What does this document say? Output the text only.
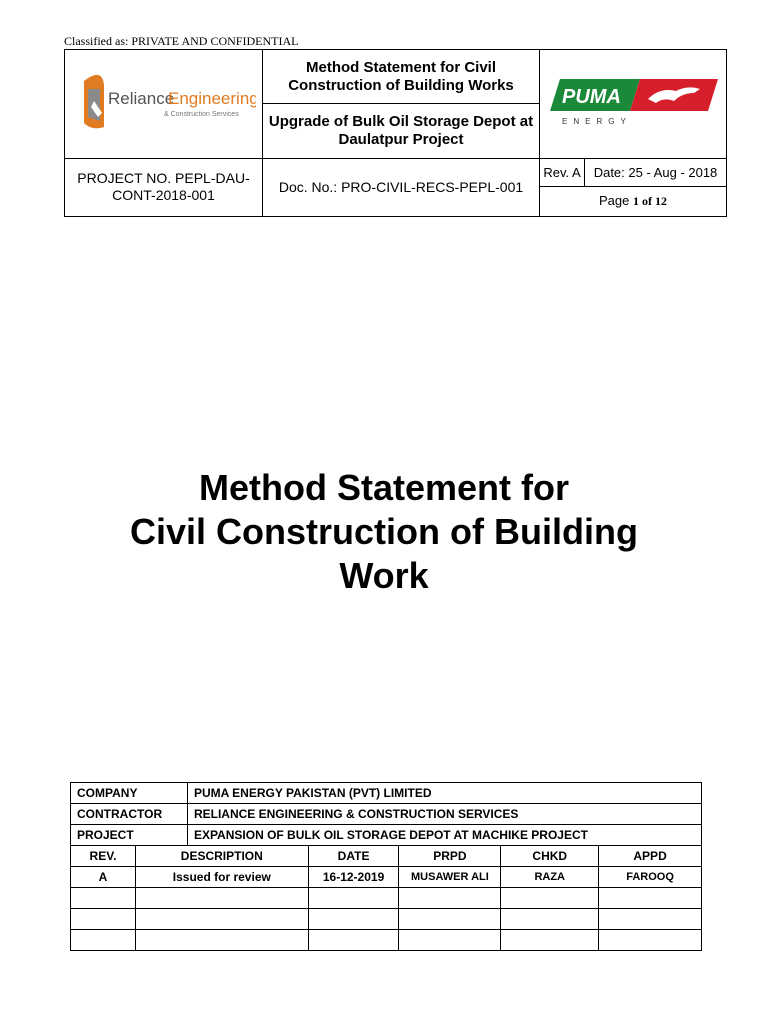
Classified as: PRIVATE AND CONFIDENTIAL
Reliance
Engineering
& Construction Services	Method Statement for Civil Construction of Building Works	PUMA
ENERGY	

	Upgrade of Bulk Oil Storage Depot at Daulatpur Project		
PROJECT NO. PEPL-DAU-CONT-2018-001	Doc. No.: PRO-CIVIL-RECS-PEPL-001	Rev. A	Date: 25 - Aug - 2018
		Page 1 of 12	
Method Statement for
Civil Construction of Building
Work
COMPANY		PUMA ENERGY PAKISTAN (PVT) LIMITED				
CONTRACTOR		RELIANCE ENGINEERING & CONSTRUCTION SERVICES				
PROJECT		EXPANSION OF BULK OIL STORAGE DEPOT AT MACHIKE PROJECT				
REV.	DESCRIPTION		DATE	PRPD	CHKD	APPD
A	Issued for review		16-12-2019	MUSAWER ALI	RAZA	FAROOQ
